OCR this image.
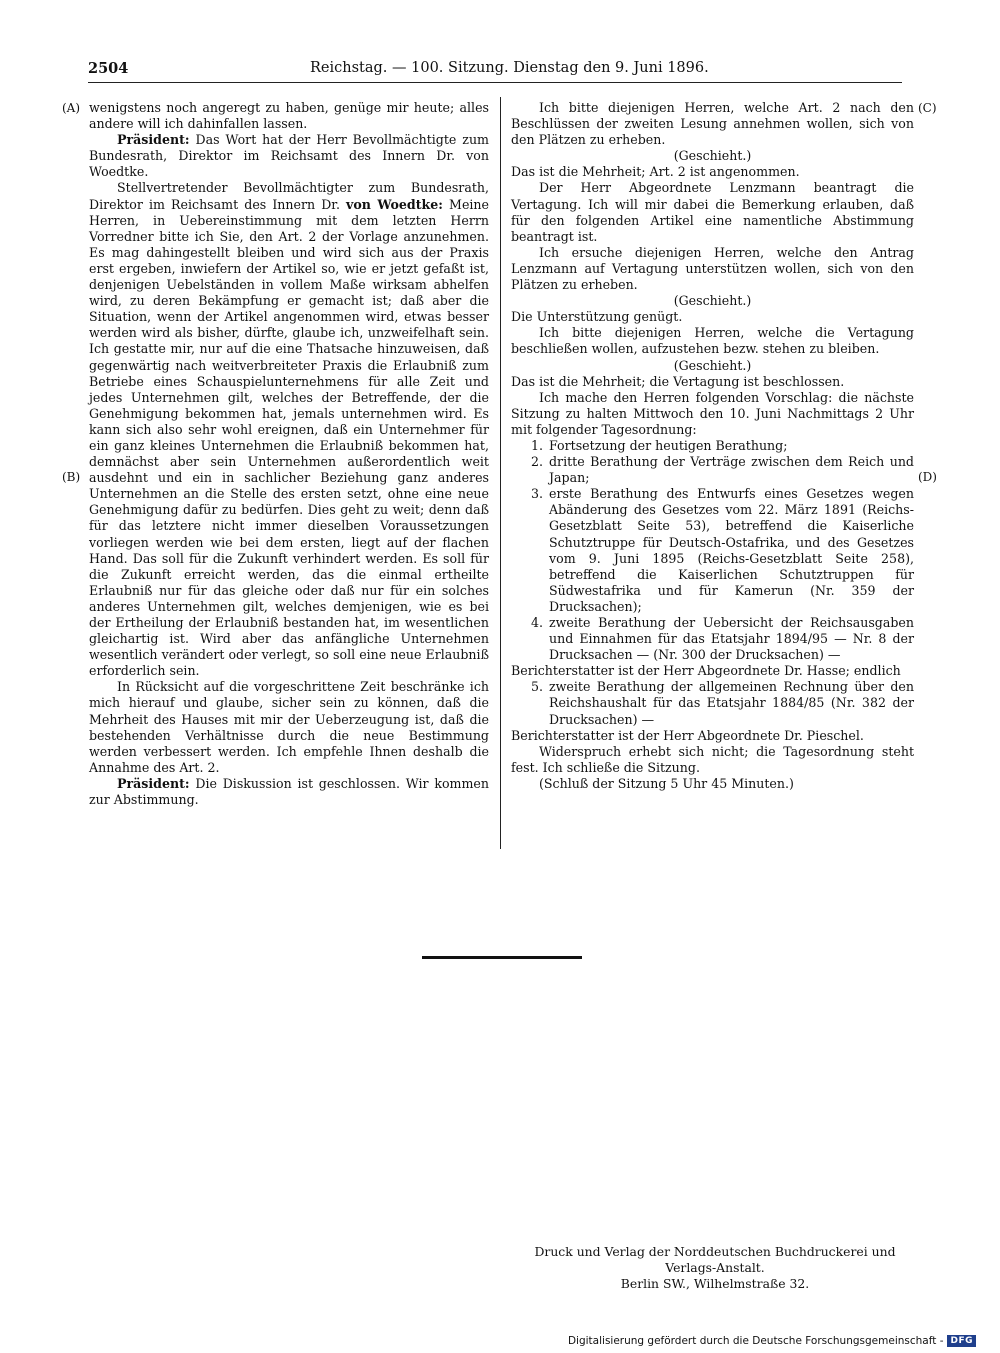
2504	Reichstag. — 100. Sitzung. Dienstag den 9. Juni 1896.
(A)
(B)
(C)
(D)

wenigstens noch angeregt zu haben, genüge mir heute; alles andere will ich dahinfallen lassen.

Präsident: Das Wort hat der Herr Bevollmächtigte zum Bundesrath, Direktor im Reichsamt des Innern Dr. von Woedtke.

Stellvertretender Bevollmächtigter zum Bundesrath, Direktor im Reichsamt des Innern Dr. von Woedtke: Meine Herren, in Uebereinstimmung mit dem letzten Herrn Vorredner bitte ich Sie, den Art. 2 der Vorlage anzunehmen. Es mag dahingestellt bleiben und wird sich aus der Praxis erst ergeben, inwiefern der Artikel so, wie er jetzt gefaßt ist, denjenigen Uebelständen in vollem Maße wirksam abhelfen wird, zu deren Bekämpfung er gemacht ist; daß aber die Situation, wenn der Artikel angenommen wird, etwas besser werden wird als bisher, dürfte, glaube ich, unzweifelhaft sein. Ich gestatte mir, nur auf die eine Thatsache hinzuweisen, daß gegenwärtig nach weitverbreiteter Praxis die Erlaubniß zum Betriebe eines Schauspielunternehmens für alle Zeit und jedes Unternehmen gilt, welches der Betreffende, der die Genehmigung bekommen hat, jemals unternehmen wird. Es kann sich also sehr wohl ereignen, daß ein Unternehmer für ein ganz kleines Unternehmen die Erlaubniß bekommen hat, demnächst aber sein Unternehmen außerordentlich weit ausdehnt und ein in sachlicher Beziehung ganz anderes Unternehmen an die Stelle des ersten setzt, ohne eine neue Genehmigung dafür zu bedürfen. Dies geht zu weit; denn daß für das letztere nicht immer dieselben Voraussetzungen vorliegen werden wie bei dem ersten, liegt auf der flachen Hand. Das soll für die Zukunft verhindert werden. Es soll für die Zukunft erreicht werden, das die einmal ertheilte Erlaubniß nur für das gleiche oder daß nur für ein solches anderes Unternehmen gilt, welches demjenigen, wie es bei der Ertheilung der Erlaubniß bestanden hat, im wesentlichen gleichartig ist. Wird aber das anfängliche Unternehmen wesentlich verändert oder verlegt, so soll eine neue Erlaubniß erforderlich sein.

In Rücksicht auf die vorgeschrittene Zeit beschränke ich mich hierauf und glaube, sicher sein zu können, daß die Mehrheit des Hauses mit mir der Ueberzeugung ist, daß die bestehenden Verhältnisse durch die neue Bestimmung werden verbessert werden. Ich empfehle Ihnen deshalb die Annahme des Art. 2.

Präsident: Die Diskussion ist geschlossen. Wir kommen zur Abstimmung.

Ich bitte diejenigen Herren, welche Art. 2 nach den Beschlüssen der zweiten Lesung annehmen wollen, sich von den Plätzen zu erheben.

(Geschieht.)

Das ist die Mehrheit; Art. 2 ist angenommen.

Der Herr Abgeordnete Lenzmann beantragt die Vertagung. Ich will mir dabei die Bemerkung erlauben, daß für den folgenden Artikel eine namentliche Abstimmung beantragt ist.

Ich ersuche diejenigen Herren, welche den Antrag Lenzmann auf Vertagung unterstützen wollen, sich von den Plätzen zu erheben.

(Geschieht.)

Die Unterstützung genügt.

Ich bitte diejenigen Herren, welche die Vertagung beschließen wollen, aufzustehen bezw. stehen zu bleiben.

(Geschieht.)

Das ist die Mehrheit; die Vertagung ist beschlossen.

Ich mache den Herren folgenden Vorschlag: die nächste Sitzung zu halten Mittwoch den 10. Juni Nachmittags 2 Uhr mit folgender Tagesordnung:

1. Fortsetzung der heutigen Berathung;
2. dritte Berathung der Verträge zwischen dem Reich und Japan;
3. erste Berathung des Entwurfs eines Gesetzes wegen Abänderung des Gesetzes vom 22. März 1891 (Reichs-Gesetzblatt Seite 53), betreffend die Kaiserliche Schutztruppe für Deutsch-Ostafrika, und des Gesetzes vom 9. Juni 1895 (Reichs-Gesetzblatt Seite 258), betreffend die Kaiserlichen Schutztruppen für Südwestafrika und für Kamerun (Nr. 359 der Drucksachen);
4. zweite Berathung der Uebersicht der Reichsausgaben und Einnahmen für das Etatsjahr 1894/95 — Nr. 8 der Drucksachen — (Nr. 300 der Drucksachen) —

Berichterstatter ist der Herr Abgeordnete Dr. Hasse; endlich

5. zweite Berathung der allgemeinen Rechnung über den Reichshaushalt für das Etatsjahr 1884/85 (Nr. 382 der Drucksachen) —

Berichterstatter ist der Herr Abgeordnete Dr. Pieschel.

Widerspruch erhebt sich nicht; die Tagesordnung steht fest. Ich schließe die Sitzung.

(Schluß der Sitzung 5 Uhr 45 Minuten.)

Druck und Verlag der Norddeutschen Buchdruckerei und Verlags-Anstalt.
Berlin SW., Wilhelmstraße 32.
Digitalisierung gefördert durch die Deutsche Forschungsgemeinschaft - DFG
